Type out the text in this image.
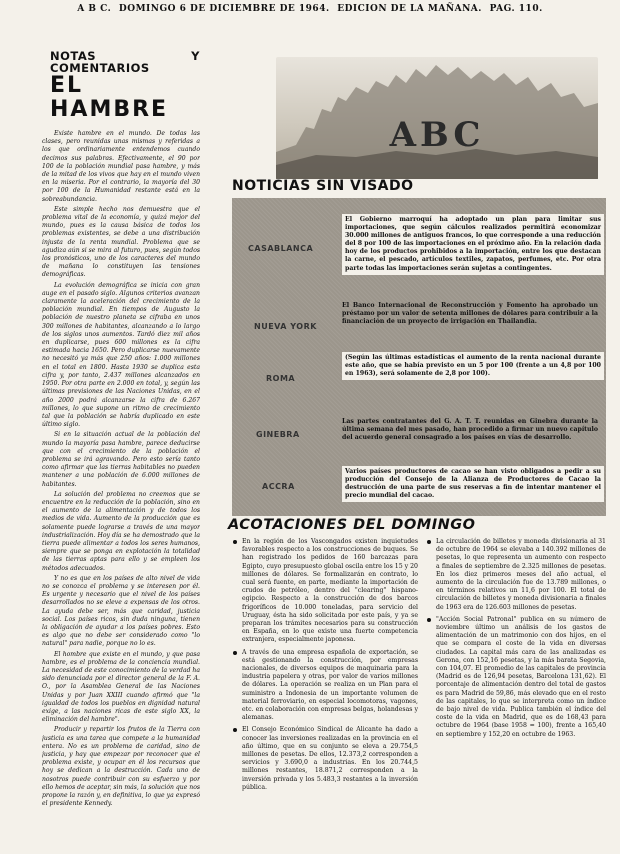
A B C. DOMINGO 6 DE DICIEMBRE DE 1964. EDICION DE LA MAÑANA. PAG. 110.
NOTAS Y COMENTARIOS
EL HAMBRE

Existe hambre en el mundo. De todas las clases, pero reunidas unas mismas y referidas a los que ordinariamente entendemos cuando decimos sus palabras. Efectivamente, el 90 por 100 de la población mundial pasa hambre, y más de la mitad de los vivos que hay en el mundo viven en la miseria. Por el contrario, la mayoría del 30 por 100 de la Humanidad restante está en la sobreabundancia.

Este simple hecho nos demuestra que el problema vital de la economía, y quizá mejor del mundo, pues es la causa básica de todos los problemas existentes, se debe a una distribución injusta de la renta mundial. Problema que se agudiza aún si se mira al futuro, pues, según todos los pronósticos, uno de los caracteres del mundo de mañana lo constituyen las tensiones demográficas.

La evolución demográfica se inicia con gran auge en el pasado siglo. Algunos criterios avanzan claramente la aceleración del crecimiento de la población mundial. En tiempos de Augusto la población de nuestro planeta se cifraba en unos 300 millones de habitantes, alcanzando a lo largo de los siglos unos aumentos. Tardó diez mil años en duplicarse, pues 600 millones es la cifra estimada hacia 1650. Pero duplicarse nuevamente no necesitó ya más que 250 años: 1.000 millones en el total en 1800. Hasta 1930 se duplica esta cifra y, por tanto, 2.437 millones alcanzados en 1950. Por otra parte en 2.000 en total, y, según las últimas previsiones de las Naciones Unidas, en el año 2000 podrá alcanzarse la cifra de 6.267 millones, lo que supone un ritmo de crecimiento tal que la población se habría duplicado en este último siglo.

Si en la situación actual de la población del mundo la mayoría pasa hambre, parece deducirse que con el crecimiento de la población el problema se irá agravando. Pero esto sería tanto como afirmar que las tierras habitables no pueden mantener a una población de 6.000 millones de habitantes.

La solución del problema no creemos que se encuentre en la reducción de la población, sino en el aumento de la alimentación y de todos los medios de vida. Aumento de la producción que es solamente puede lograrse a través de una mayor industrialización. Hoy día se ha demostrado que la tierra puede alimentar a todos los seres humanos, siempre que se ponga en explotación la totalidad de las tierras aptas para ello y se empleen los métodos adecuados.

Y no es que en los países de alto nivel de vida no se conozca el problema y se interesen por él. Es urgente y necesario que el nivel de los países desarrollados no se eleve a expensas de los otros. La ayuda debe ser, más que caridad, justicia social. Los países ricos, sin duda ninguna, tienen la obligación de ayudar a los países pobres. Esto es algo que no debe ser considerado como "lo natural" para nadie, porque no lo es.

El hombre que existe en el mundo, y que pasa hambre, es el problema de la conciencia mundial. La necesidad de este conocimiento de la verdad ha sido denunciada por el director general de la F. A. O., por la Asamblea General de las Naciones Unidas y por Juan XXIII cuando afirmó que "la igualdad de todos los pueblos en dignidad natural exige, a las naciones ricas de este siglo XX, la eliminación del hambre".

Producir y repartir los frutos de la Tierra con justicia es una tarea que compete a la humanidad entera. No es un problema de caridad, sino de justicia, y hay que empezar por reconocer que el problema existe, y ocupar en él los recursos que hoy se dedican a la destrucción. Cada uno de nosotros puede contribuir con su esfuerzo y por ello hemos de aceptar, sin más, la solución que nos propone la razón y, en definitiva, lo que ya expresó el presidente Kennedy.

ABC
NOTICIAS SIN VISADO
CASABLANCA
NUEVA YORK
ROMA
GINEBRA
ACCRA
El Gobierno marroquí ha adoptado un plan para limitar sus importaciones, que según cálculos realizados permitirá economizar 30.000 millones de antiguos francos, lo que corresponde a una reducción del 8 por 100 de las importaciones en el próximo año. En la relación dada hoy de los productos prohibidos a la importación, entre los que destacan la carne, el pescado, artículos textiles, zapatos, perfumes, etc. Por otra parte todas las importaciones serán sujetas a contingentes.
El Banco Internacional de Reconstrucción y Fomento ha aprobado un préstamo por un valor de setenta millones de dólares para contribuir a la financiación de un proyecto de irrigación en Thailandia.
(Según las últimas estadísticas el aumento de la renta nacional durante este año, que se había previsto en un 5 por 100 (frente a un 4,8 por 100 en 1963), será solamente de 2,8 por 100).
Las partes contratantes del G. A. T. T. reunidas en Ginebra durante la última semana del mes pasado, han procedido a firmar un nuevo capítulo del acuerdo general consagrado a los países en vías de desarrollo.
Varios países productores de cacao se han visto obligados a pedir a su producción del Consejo de la Alianza de Productores de Cacao la destrucción de una parte de sus reservas a fin de intentar mantener el precio mundial del cacao.
ACOTACIONES DEL DOMINGO
En la región de los Vascongados existen inquietudes favorables respecto a los construcciones de buques. Se han registrado los pedidos de 160 barcazas para Egipto, cuyo presupuesto global oscila entre los 15 y 20 millones de dólares. Se formalizarán en contrato, lo cual será fuente, en parte, mediante la importación de crudos de petróleo, dentro del "clearing" hispano-egipcio. Respecto a la construcción de dos barcos frigoríficos de 10.000 toneladas, para servicio del Uruguay, ésta ha sido solicitada por este país, y ya se preparan los trámites necesarios para su construcción en España, en lo que existe una fuerte competencia extranjera, especialmente japonesa.
A través de una empresa española de exportación, se está gestionando la construcción, por empresas nacionales, de diversos equipos de maquinaria para la industria papelera y otras, por valor de varios millones de dólares. La operación se realiza en un Plan para el suministro a Indonesia de un importante volumen de material ferroviario, en especial locomotoras, vagones, etc. en colaboración con empresas belgas, holandesas y alemanas.
El Consejo Económico Sindical de Alicante ha dado a conocer las inversiones realizadas en la provincia en el año último, que en su conjunto se eleva a 29.754,5 millones de pesetas. De ellos, 12.373,2 corresponden a servicios y 3.690,0 a industrias. En los 20.744,5 millones restantes, 18.871,2 corresponden a la inversión privada y los 5.483,3 restantes a la inversión pública.
La circulación de billetes y moneda divisionaria al 31 de octubre de 1964 se elevaba a 140.392 millones de pesetas, lo que representa un aumento con respecto a finales de septiembre de 2.325 millones de pesetas. En los diez primeros meses del año actual, el aumento de la circulación fue de 13.789 millones, o en términos relativos un 11,6 por 100. El total de circulación de billetes y moneda divisionaria a finales de 1963 era de 126.603 millones de pesetas.
"Acción Social Patronal" publica en su número de noviembre último un análisis de los gastos de alimentación de un matrimonio con dos hijos, en el que se compara el coste de la vida en diversas ciudades. La capital más cara de las analizadas es Gerona, con 152,16 pesetas, y la más barata Segovia, con 104,07. El promedio de las capitales de provincia (Madrid es de 126,94 pesetas, Barcelona 131,62). El porcentaje de alimentación dentro del total de gastos es para Madrid de 59,86, más elevado que en el resto de las capitales, lo que se interpreta como un índice de bajo nivel de vida. Publica también el índice del coste de la vida en Madrid, que es de 168,43 para octubre de 1964 (base 1958 = 100), frente a 165,40 en septiembre y 152,20 en octubre de 1963.
